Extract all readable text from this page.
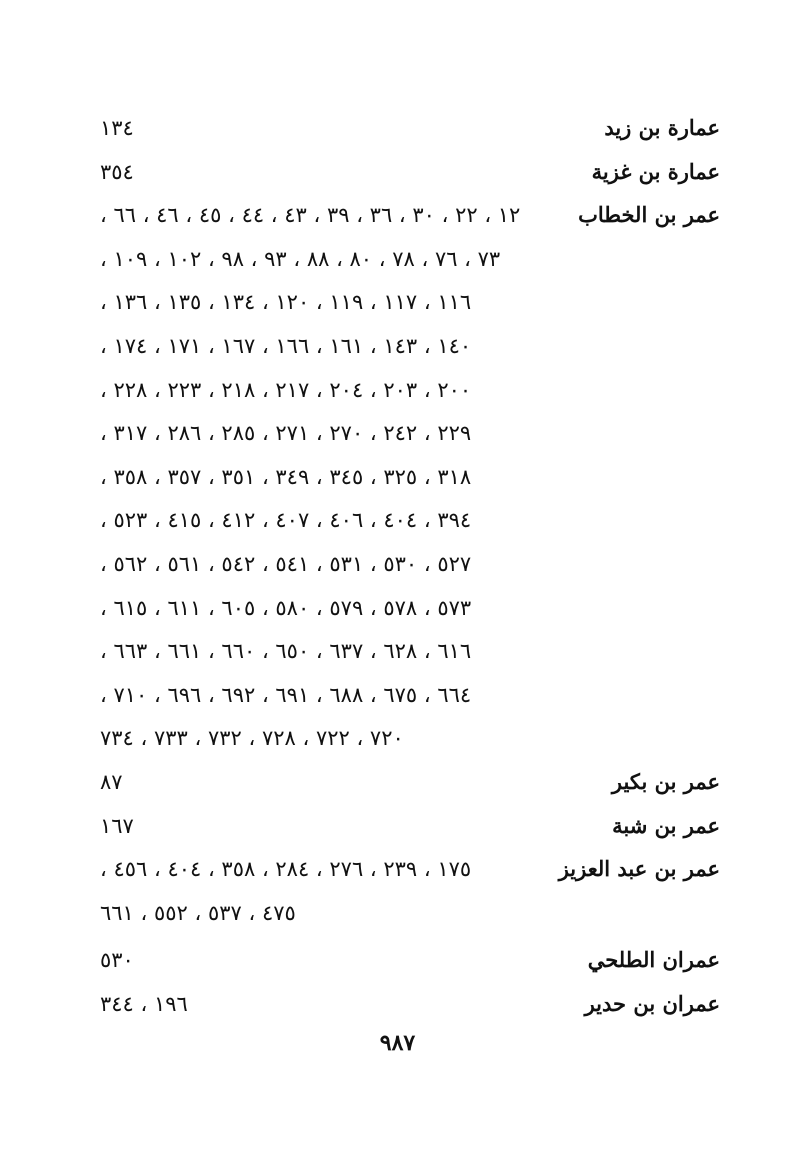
عمارة بن زيد
١٣٤
عمارة بن غزية
٣٥٤
عمر بن الخطاب
١٢ ، ٢٢ ، ٣٠ ، ٣٦ ، ٣٩ ، ٤٣ ، ٤٤ ، ٤٥ ، ٤٦ ، ٦٦ ،
٧٣ ، ٧٦ ، ٧٨ ، ٨٠ ، ٨٨ ، ٩٣ ، ٩٨ ، ١٠٢ ، ١٠٩ ،
١١٦ ، ١١٧ ، ١١٩ ، ١٢٠ ، ١٣٤ ، ١٣٥ ، ١٣٦ ،
١٤٠ ، ١٤٣ ، ١٦١ ، ١٦٦ ، ١٦٧ ، ١٧١ ، ١٧٤ ،
٢٠٠ ، ٢٠٣ ، ٢٠٤ ، ٢١٧ ، ٢١٨ ، ٢٢٣ ، ٢٢٨ ،
٢٢٩ ، ٢٤٢ ، ٢٧٠ ، ٢٧١ ، ٢٨٥ ، ٢٨٦ ، ٣١٧ ،
٣١٨ ، ٣٢٥ ، ٣٤٥ ، ٣٤٩ ، ٣٥١ ، ٣٥٧ ، ٣٥٨ ،
٣٩٤ ، ٤٠٤ ، ٤٠٦ ، ٤٠٧ ، ٤١٢ ، ٤١٥ ، ٥٢٣ ،
٥٢٧ ، ٥٣٠ ، ٥٣١ ، ٥٤١ ، ٥٤٢ ، ٥٦١ ، ٥٦٢ ،
٥٧٣ ، ٥٧٨ ، ٥٧٩ ، ٥٨٠ ، ٦٠٥ ، ٦١١ ، ٦١٥ ،
٦١٦ ، ٦٢٨ ، ٦٣٧ ، ٦٥٠ ، ٦٦٠ ، ٦٦١ ، ٦٦٣ ،
٦٦٤ ، ٦٧٥ ، ٦٨٨ ، ٦٩١ ، ٦٩٢ ، ٦٩٦ ، ٧١٠ ،
٧٢٠ ، ٧٢٢ ، ٧٢٨ ، ٧٣٢ ، ٧٣٣ ، ٧٣٤
عمر بن بكير
٨٧
عمر بن شبة
١٦٧
عمر بن عبد العزيز
١٧٥ ، ٢٣٩ ، ٢٧٦ ، ٢٨٤ ، ٣٥٨ ، ٤٠٤ ، ٤٥٦ ،
٤٧٥ ، ٥٣٧ ، ٥٥٢ ، ٦٦١
عمران الطلحي
٥٣٠
عمران بن حدير
١٩٦ ، ٣٤٤
٩٨٧
